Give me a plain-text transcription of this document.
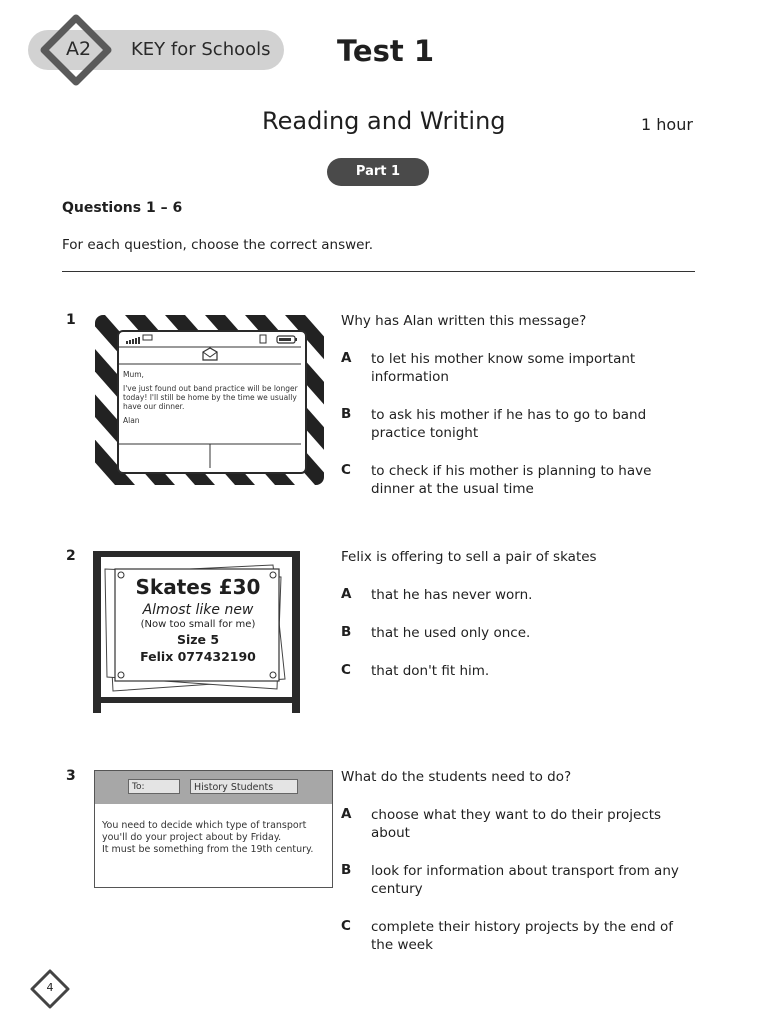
A2 KEY for Schools Test 1
Reading and Writing	1 hour
Part 1
Questions 1 – 6
For each question, choose the correct answer.
1

Mum,

I've just found out band practice will be longer today! I'll still be home by the time we usually have our dinner.

Alan

Why has Alan written this message?
A to let his mother know some important information
B to ask his mother if he has to go to band practice tonight
C to check if his mother is planning to have dinner at the usual time
2
Skates £30
Almost like new
(Now too small for me)
Size 5
Felix 077432190
Felix is offering to sell a pair of skates
A that he has never worn.
B that he used only once.
C that don't fit him.
3
To:	History Students
You need to decide which type of transport you'll do your project about by Friday.
It must be something from the 19th century.
What do the students need to do?
A choose what they want to do their projects about
B look for information about transport from any century
C complete their history projects by the end of the week
4
